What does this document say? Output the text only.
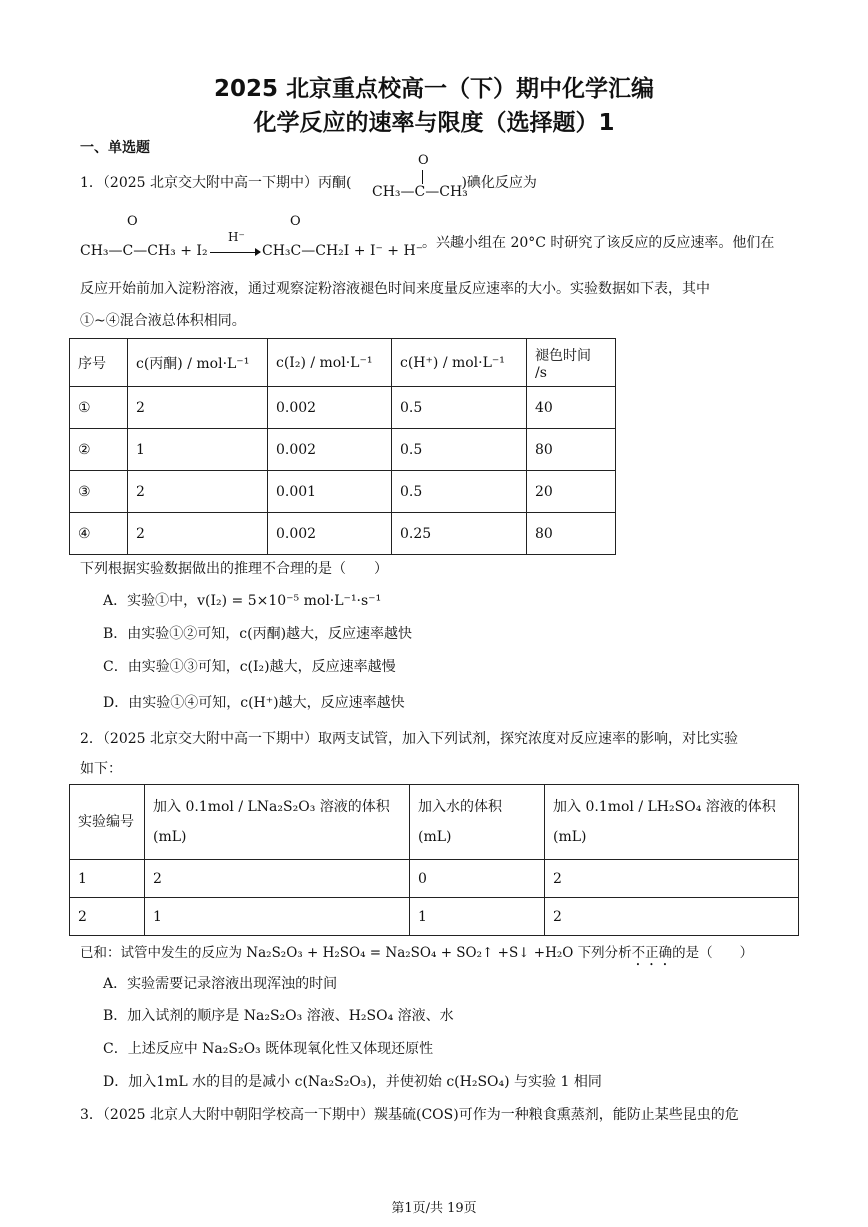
2025 北京重点校高一（下）期中化学汇编
化学反应的速率与限度（选择题）1
一、单选题
1．（2025 北京交大附中高一下期中）丙酮(	)碘化反应为
O
CH₃—C—CH₃
O	O
CH₃—C—CH₃ + I₂
H⁻
CH₃C—CH₂I + I⁻ + H⁻
。兴趣小组在 20°C 时研究了该反应的反应速率。他们在
反应开始前加入淀粉溶液，通过观察淀粉溶液褪色时间来度量反应速率的大小。实验数据如下表，其中
①~④混合液总体积相同。
序号	c(丙酮) / mol·L⁻¹	c(I₂) / mol·L⁻¹	c(H⁺) / mol·L⁻¹	褪色时间 /s
①	2	0.002	0.5	40
②	1	0.002	0.5	80
③	2	0.001	0.5	20
④	2	0.002	0.25	80
下列根据实验数据做出的推理不合理的是（　　）
A．实验①中，v(I₂) = 5×10⁻⁵ mol·L⁻¹·s⁻¹
B．由实验①②可知，c(丙酮)越大，反应速率越快
C．由实验①③可知，c(I₂)越大，反应速率越慢
D．由实验①④可知，c(H⁺)越大，反应速率越快
2．（2025 北京交大附中高一下期中）取两支试管，加入下列试剂，探究浓度对反应速率的影响，对比实验
如下：
实验编号	加入 0.1mol / LNa₂S₂O₃ 溶液的体积 (mL)	加入水的体积 (mL)	加入 0.1mol / LH₂SO₄ 溶液的体积 (mL)
1	2	0	2
2	1	1	2
已和：试管中发生的反应为 Na₂S₂O₃ + H₂SO₄ = Na₂SO₄ + SO₂↑ +S↓ +H₂O 下列分析不正确的是（　　）
A．实验需要记录溶液出现浑浊的时间
B．加入试剂的顺序是 Na₂S₂O₃ 溶液、H₂SO₄ 溶液、水
C．上述反应中 Na₂S₂O₃ 既体现氧化性又体现还原性
D．加入1mL 水的目的是减小 c(Na₂S₂O₃)，并使初始 c(H₂SO₄) 与实验 1 相同
3．（2025 北京人大附中朝阳学校高一下期中）羰基硫(COS)可作为一种粮食熏蒸剂，能防止某些昆虫的危
第1页/共 19页
